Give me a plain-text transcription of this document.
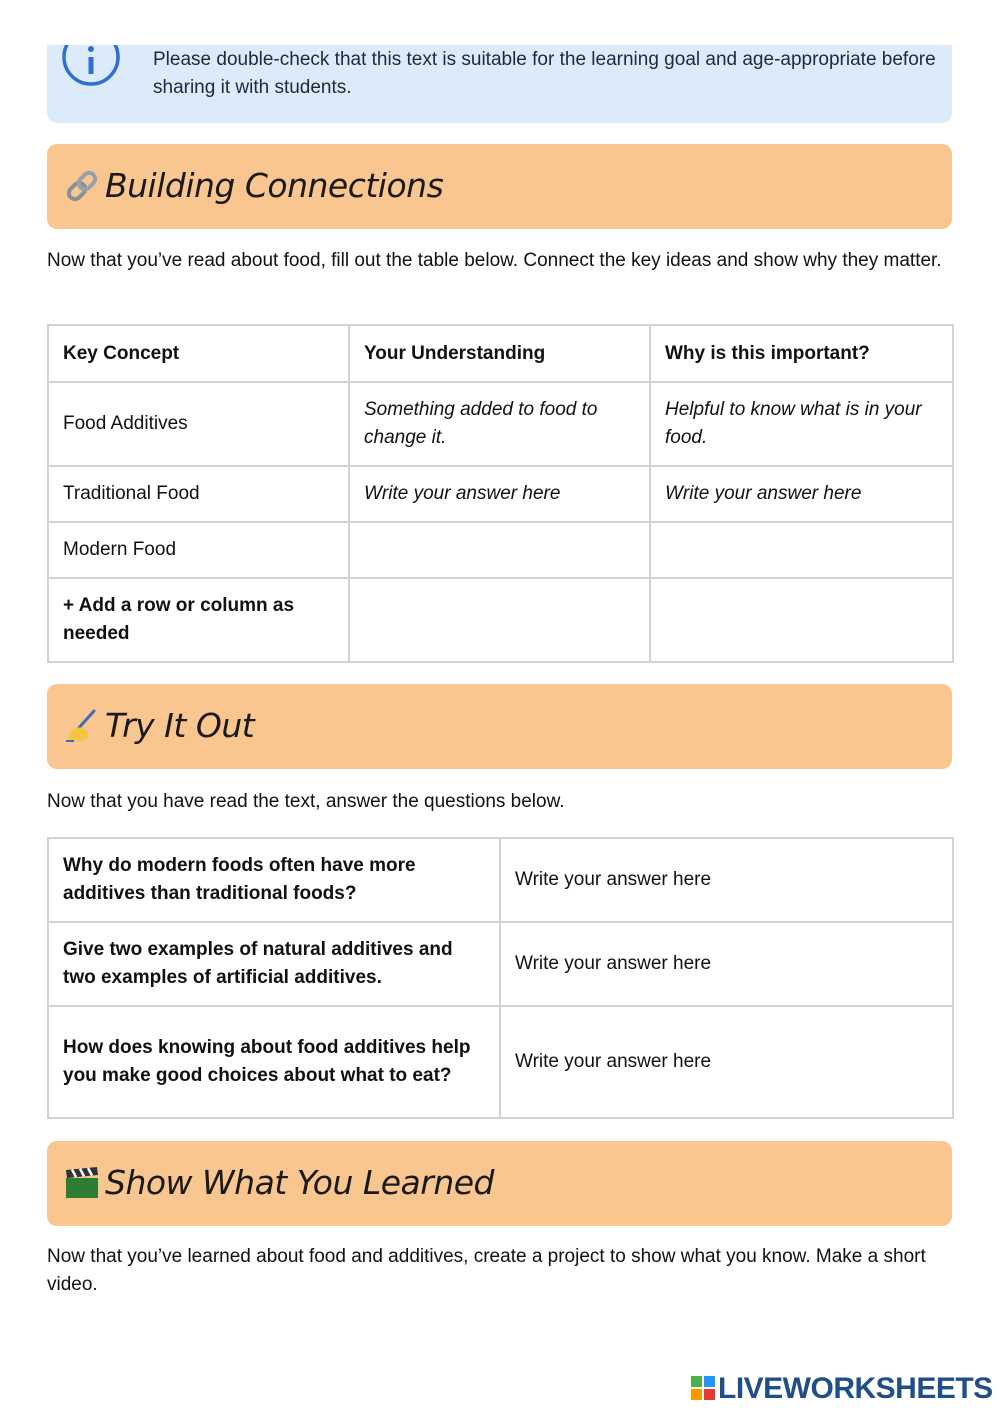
Please double-check that this text is suitable for the learning goal and age-appropriate before sharing it with students.
Building Connections
Now that you’ve read about food, fill out the table below. Connect the key ideas and show why they matter.
Key Concept	Your Understanding	Why is this important?
Food Additives	Something added to food to change it.	Helpful to know what is in your food.
Traditional Food	Write your answer here	Write your answer here
Modern Food		
+ Add a row or column as needed		
Try It Out
Now that you have read the text, answer the questions below.
Why do modern foods often have more additives than traditional foods?	Write your answer here
Give two examples of natural additives and two examples of artificial additives.	Write your answer here
How does knowing about food additives help you make good choices about what to eat?	Write your answer here
Show What You Learned
Now that you’ve learned about food and additives, create a project to show what you know. Make a short video.
LIVEWORKSHEETS
